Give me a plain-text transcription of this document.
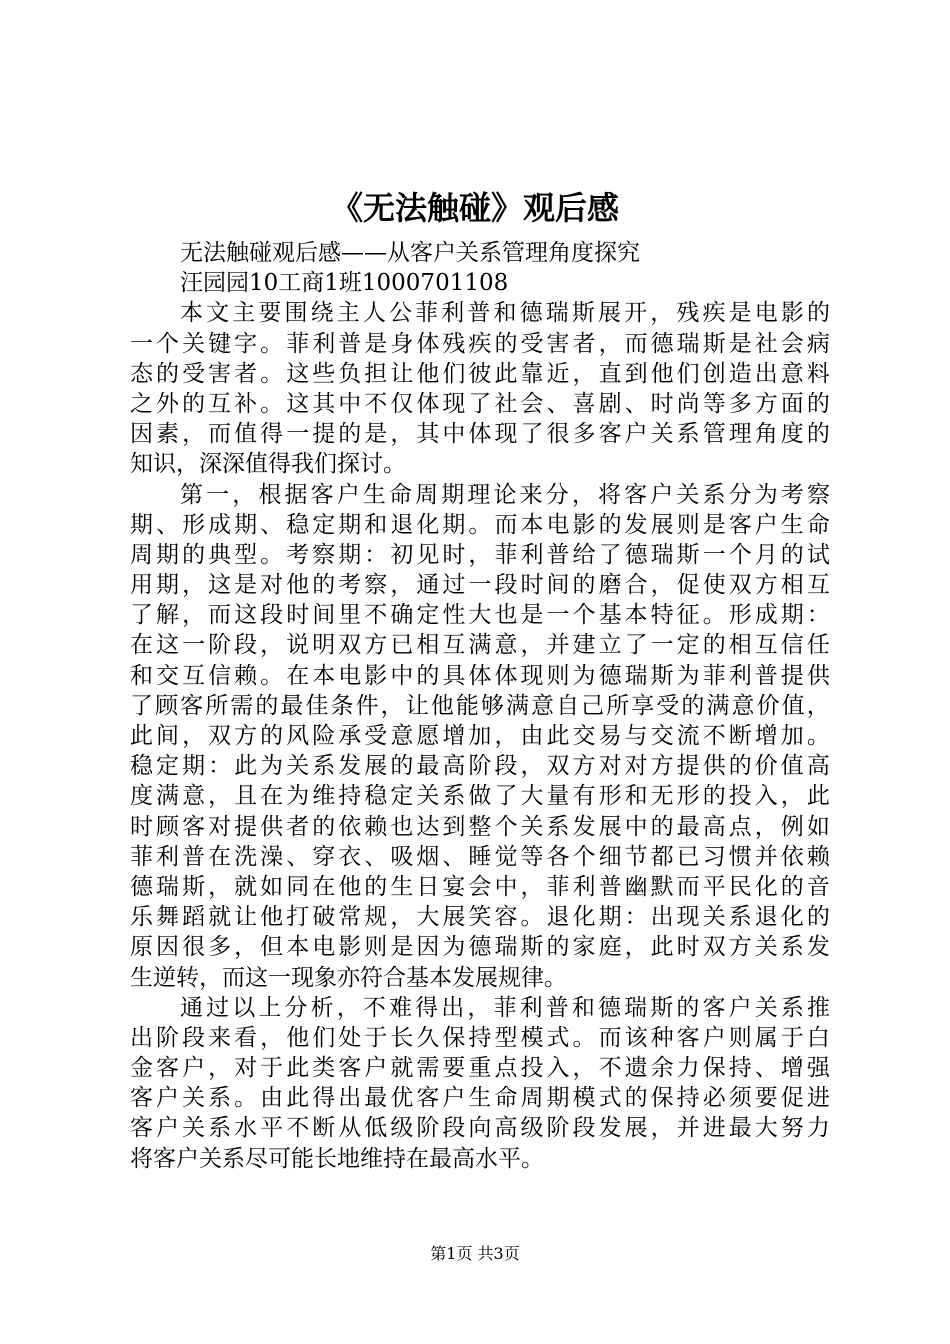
《无法触碰》观后感
无法触碰观后感——从客户关系管理角度探究
汪园园10工商1班1000701108
本 文 主 要 围 绕 主 人 公 菲 利 普 和 德 瑞 斯 展 开 ， 残 疾 是 电 影 的
一 个 关 键 字 。 菲 利 普 是 身 体 残 疾 的 受 害 者 ， 而 德 瑞 斯 是 社 会 病
态 的 受 害 者 。 这 些 负 担 让 他 们 彼 此 靠 近 ， 直 到 他 们 创 造 出 意 料
之 外 的 互 补 。 这 其 中 不 仅 体 现 了 社 会 、 喜 剧 、 时 尚 等 多 方 面 的
因 素 ， 而 值 得 一 提 的 是 ， 其 中 体 现 了 很 多 客 户 关 系 管 理 角 度 的
知识，深深值得我们探讨。
第 一 ， 根 据 客 户 生 命 周 期 理 论 来 分 ， 将 客 户 关 系 分 为 考 察
期 、 形 成 期 、 稳 定 期 和 退 化 期 。 而 本 电 影 的 发 展 则 是 客 户 生 命
周 期 的 典 型 。 考 察 期 ： 初 见 时 ， 菲 利 普 给 了 德 瑞 斯 一 个 月 的 试
用 期 ， 这 是 对 他 的 考 察 ， 通 过 一 段 时 间 的 磨 合 ， 促 使 双 方 相 互
了 解 ， 而 这 段 时 间 里 不 确 定 性 大 也 是 一 个 基 本 特 征 。 形 成 期 ：
在 这 一 阶 段 ， 说 明 双 方 已 相 互 满 意 ， 并 建 立 了 一 定 的 相 互 信 任
和 交 互 信 赖 。 在 本 电 影 中 的 具 体 体 现 则 为 德 瑞 斯 为 菲 利 普 提 供
了 顾 客 所 需 的 最 佳 条 件 ， 让 他 能 够 满 意 自 己 所 享 受 的 满 意 价 值 ，
此 间 ， 双 方 的 风 险 承 受 意 愿 增 加 ， 由 此 交 易 与 交 流 不 断 增 加 。
稳 定 期 ： 此 为 关 系 发 展 的 最 高 阶 段 ， 双 方 对 对 方 提 供 的 价 值 高
度 满 意 ， 且 在 为 维 持 稳 定 关 系 做 了 大 量 有 形 和 无 形 的 投 入 ， 此
时 顾 客 对 提 供 者 的 依 赖 也 达 到 整 个 关 系 发 展 中 的 最 高 点 ， 例 如
菲 利 普 在 洗 澡 、 穿 衣 、 吸 烟 、 睡 觉 等 各 个 细 节 都 已 习 惯 并 依 赖
德 瑞 斯 ， 就 如 同 在 他 的 生 日 宴 会 中 ， 菲 利 普 幽 默 而 平 民 化 的 音
乐 舞 蹈 就 让 他 打 破 常 规 ， 大 展 笑 容 。 退 化 期 ： 出 现 关 系 退 化 的
原 因 很 多 ， 但 本 电 影 则 是 因 为 德 瑞 斯 的 家 庭 ， 此 时 双 方 关 系 发
生逆转，而这一现象亦符合基本发展规律。
通 过 以 上 分 析 ， 不 难 得 出 ， 菲 利 普 和 德 瑞 斯 的 客 户 关 系 推
出 阶 段 来 看 ， 他 们 处 于 长 久 保 持 型 模 式 。 而 该 种 客 户 则 属 于 白
金 客 户 ， 对 于 此 类 客 户 就 需 要 重 点 投 入 ， 不 遗 余 力 保 持 、 增 强
客 户 关 系 。 由 此 得 出 最 优 客 户 生 命 周 期 模 式 的 保 持 必 须 要 促 进
客 户 关 系 水 平 不 断 从 低 级 阶 段 向 高 级 阶 段 发 展 ， 并 进 最 大 努 力
将客户关系尽可能长地维持在最高水平。
第1页 共3页
